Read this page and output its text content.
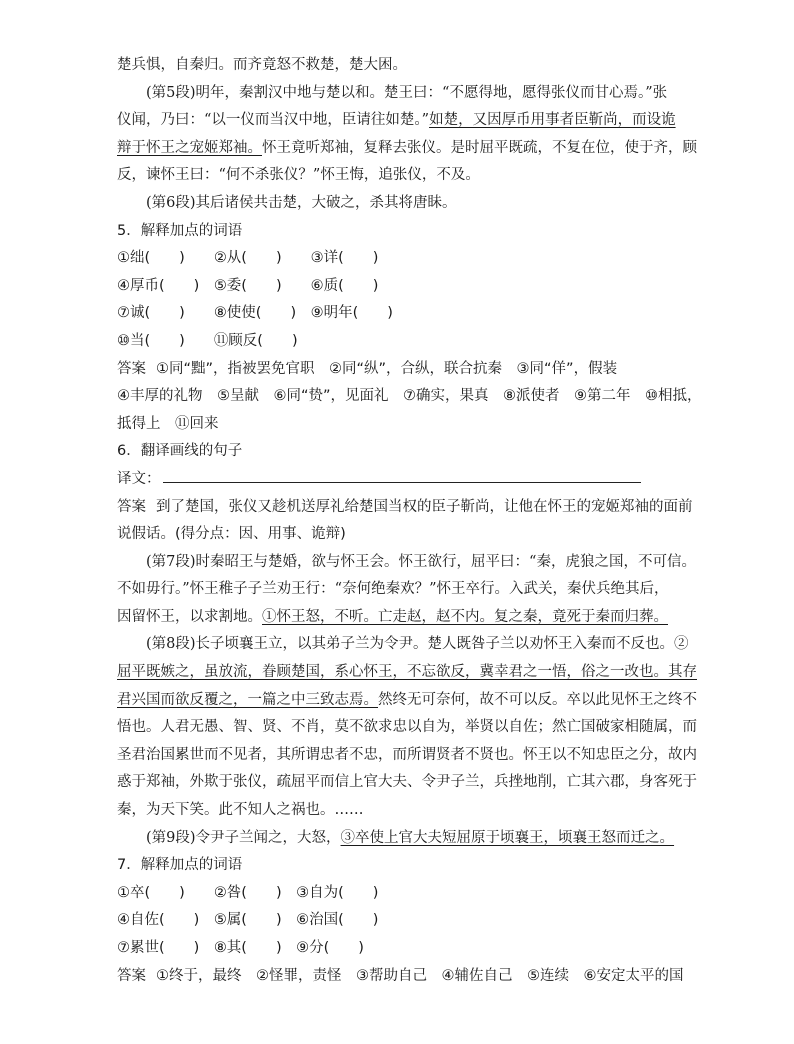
楚兵惧，自秦归。而齐竟怒不救楚，楚大困。
(第5段)明年，秦割汉中地与楚以和。楚王曰：“不愿得地，愿得张仪而甘心焉。”张
仪闻，乃曰：“以一仪而当汉中地，臣请往如楚。”如楚，又因厚币用事者臣靳尚，而设诡
辩于怀王之宠姬郑袖。怀王竟听郑袖，复释去张仪。是时屈平既疏，不复在位，使于齐，顾
反，谏怀王曰：“何不杀张仪？”怀王悔，追张仪，不及。
(第6段)其后诸侯共击楚，大破之，杀其将唐眛。
5．解释加点的词语
①绌(　　)　　②从(　　)　　③详(　　)
④厚币(　　)　⑤委(　　)　　⑥质(　　)
⑦诚(　　)　　⑧使使(　　)　⑨明年(　　)
⑩当(　　)　　⑪顾反(　　)
答案 ①同“黜”，指被罢免官职　②同“纵”，合纵，联合抗秦　③同“佯”，假装
④丰厚的礼物　⑤呈献　⑥同“贽”，见面礼　⑦确实，果真　⑧派使者　⑨第二年　⑩相抵，
抵得上　⑪回来
6．翻译画线的句子
译文：
答案 到了楚国，张仪又趁机送厚礼给楚国当权的臣子靳尚，让他在怀王的宠姬郑袖的面前
说假话。(得分点：因、用事、诡辩)
(第7段)时秦昭王与楚婚，欲与怀王会。怀王欲行，屈平曰：“秦，虎狼之国，不可信。
不如毋行。”怀王稚子子兰劝王行：“奈何绝秦欢？”怀王卒行。入武关，秦伏兵绝其后，
因留怀王，以求割地。①怀王怒，不听。亡走赵，赵不内。复之秦，竟死于秦而归葬。
(第8段)长子顷襄王立，以其弟子兰为令尹。楚人既咎子兰以劝怀王入秦而不反也。②
屈平既嫉之，虽放流，眷顾楚国，系心怀王，不忘欲反，冀幸君之一悟，俗之一改也。其存
君兴国而欲反覆之，一篇之中三致志焉。然终无可奈何，故不可以反。卒以此见怀王之终不
悟也。人君无愚、智、贤、不肖，莫不欲求忠以自为，举贤以自佐；然亡国破家相随属，而
圣君治国累世而不见者，其所谓忠者不忠，而所谓贤者不贤也。怀王以不知忠臣之分，故内
惑于郑袖，外欺于张仪，疏屈平而信上官大夫、令尹子兰，兵挫地削，亡其六郡，身客死于
秦，为天下笑。此不知人之祸也。……
(第9段)令尹子兰闻之，大怒，③卒使上官大夫短屈原于顷襄王，顷襄王怒而迁之。
7．解释加点的词语
①卒(　　)　　②咎(　　)　③自为(　　)
④自佐(　　)　⑤属(　　)　⑥治国(　　)
⑦累世(　　)　⑧其(　　)　⑨分(　　)
答案 ①终于，最终　②怪罪，责怪　③帮助自己　④辅佐自己　⑤连续　⑥安定太平的国
